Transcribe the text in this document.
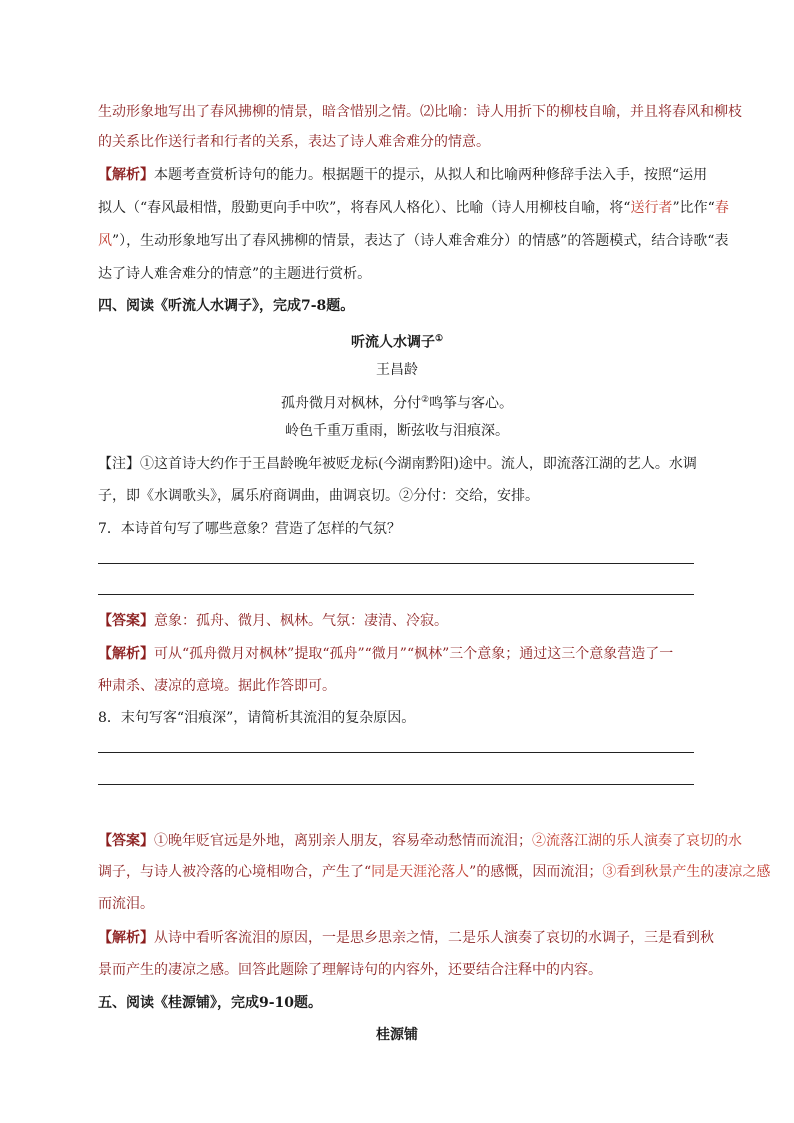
生动形象地写出了春风拂柳的情景，暗含惜别之情。⑵比喻：诗人用折下的柳枝自喻，并且将春风和柳枝
的关系比作送行者和行者的关系，表达了诗人难舍难分的情意。
【解析】本题考查赏析诗句的能力。根据题干的提示，从拟人和比喻两种修辞手法入手，按照“运用
拟人（“春风最相惜，殷勤更向手中吹”，将春风人格化）、比喻（诗人用柳枝自喻，将“送行者”比作“春
风”），生动形象地写出了春风拂柳的情景，表达了（诗人难舍难分）的情感”的答题模式，结合诗歌“表
达了诗人难舍难分的情意”的主题进行赏析。
四、阅读《听流人水调子》，完成7-8题。
听流人水调子①
王昌龄
孤舟微月对枫林，分付②鸣筝与客心。
岭色千重万重雨，断弦收与泪痕深。
【注】①这首诗大约作于王昌龄晚年被贬龙标(今湖南黔阳)途中。流人，即流落江湖的艺人。水调
子，即《水调歌头》，属乐府商调曲，曲调哀切。②分付：交给，安排。
7．本诗首句写了哪些意象？营造了怎样的气氛？
【答案】意象：孤舟、微月、枫林。气氛：凄清、冷寂。
【解析】可从“孤舟微月对枫林”提取“孤舟”“微月”“枫林”三个意象；通过这三个意象营造了一
种肃杀、凄凉的意境。据此作答即可。
8．末句写客“泪痕深”，请简析其流泪的复杂原因。
【答案】①晚年贬官远是外地，离别亲人朋友，容易牵动愁情而流泪；②流落江湖的乐人演奏了哀切的水
调子，与诗人被冷落的心境相吻合，产生了“同是天涯沦落人”的感慨，因而流泪；③看到秋景产生的凄凉之感
而流泪。
【解析】从诗中看听客流泪的原因，一是思乡思亲之情，二是乐人演奏了哀切的水调子，三是看到秋
景而产生的凄凉之感。回答此题除了理解诗句的内容外，还要结合注释中的内容。
五、阅读《桂源铺》，完成9-10题。
桂源铺
